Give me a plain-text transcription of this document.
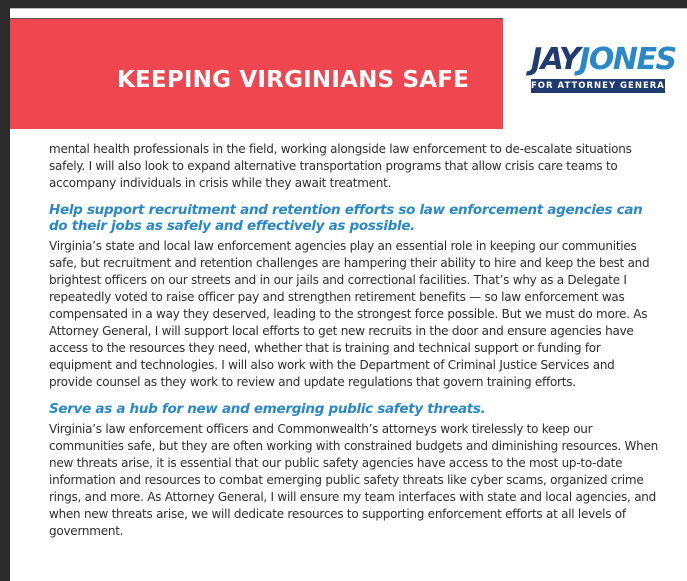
KEEPING VIRGINIANS SAFE
JAYJONES
FOR ATTORNEY GENERAL

mental health professionals in the field, working alongside law enforcement to de-escalate situations safely. I will also look to expand alternative transportation programs that allow crisis care teams to accompany individuals in crisis while they await treatment.

Help support recruitment and retention efforts so law enforcement agencies can do their jobs as safely and effectively as possible.

Virginia’s state and local law enforcement agencies play an essential role in keeping our communities safe, but recruitment and retention challenges are hampering their ability to hire and keep the best and brightest officers on our streets and in our jails and correctional facilities. That’s why as a Delegate I repeatedly voted to raise officer pay and strengthen retirement benefits — so law enforcement was compensated in a way they deserved, leading to the strongest force possible. But we must do more. As Attorney General, I will support local efforts to get new recruits in the door and ensure agencies have access to the resources they need, whether that is training and technical support or funding for equipment and technologies. I will also work with the Department of Criminal Justice Services and provide counsel as they work to review and update regulations that govern training efforts.

Serve as a hub for new and emerging public safety threats.

Virginia’s law enforcement officers and Commonwealth’s attorneys work tirelessly to keep our communities safe, but they are often working with constrained budgets and diminishing resources. When new threats arise, it is essential that our public safety agencies have access to the most up-to-date information and resources to combat emerging public safety threats like cyber scams, organized crime rings, and more. As Attorney General, I will ensure my team interfaces with state and local agencies, and when new threats arise, we will dedicate resources to supporting enforcement efforts at all levels of government.
